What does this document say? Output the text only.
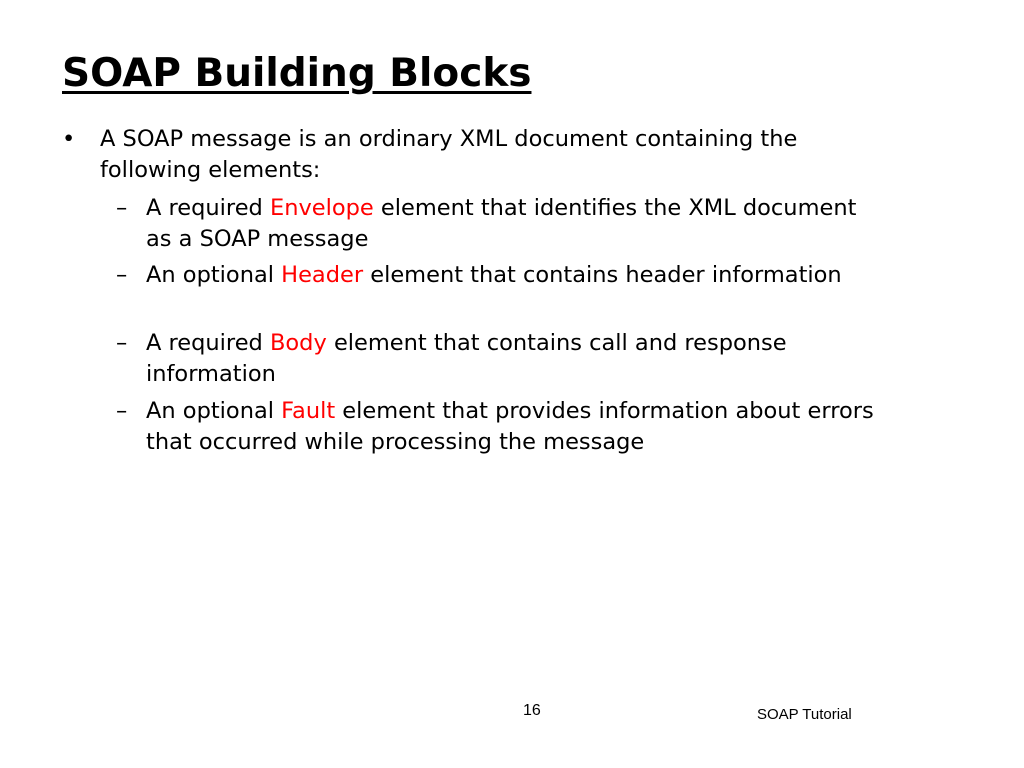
SOAP Building Blocks
• A SOAP message is an ordinary XML document containing the following elements:
– A required Envelope element that identifies the XML document as a SOAP message
– An optional Header element that contains header information
– A required Body element that contains call and response information
– An optional Fault element that provides information about errors that occurred while processing the message
16	SOAP Tutorial
